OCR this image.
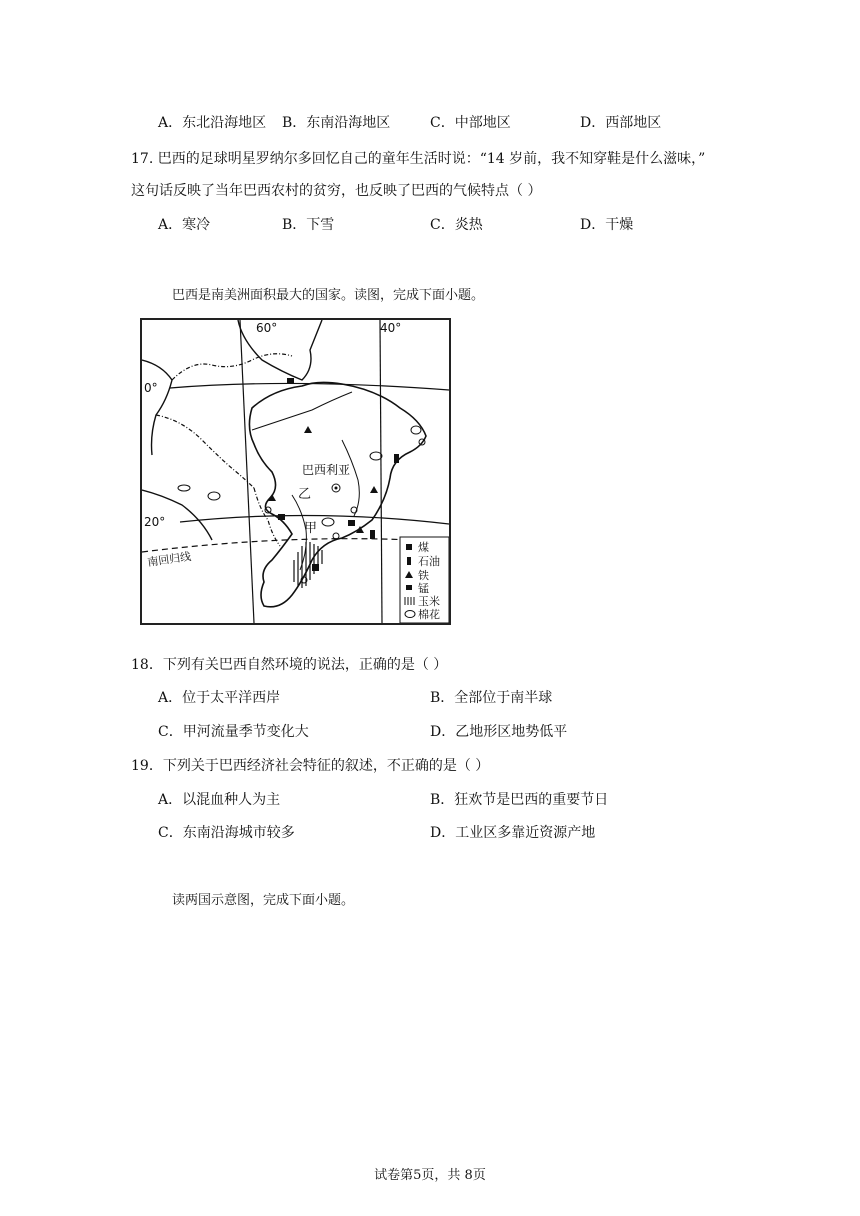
A．东北沿海地区 B．东南沿海地区	C．中部地区	D．西部地区
17. 巴西的足球明星罗纳尔多回忆自己的童年生活时说：“14 岁前，我不知穿鞋是什么滋味，”
这句话反映了当年巴西农村的贫穷，也反映了巴西的气候特点（ ）
A．寒冷	B．下雪	C．炎热	D．干燥
巴西是南美洲面积最大的国家。读图，完成下面小题。
60°	40°
0°
20°
南回归线
巴西利亚
乙
甲
煤
石油
铁
锰
玉米
棉花
18．下列有关巴西自然环境的说法，正确的是（ ）
A．位于太平洋西岸	B．全部位于南半球
C．甲河流量季节变化大	D．乙地形区地势低平
19．下列关于巴西经济社会特征的叙述，不正确的是（ ）
A．以混血种人为主	B．狂欢节是巴西的重要节日
C．东南沿海城市较多	D．工业区多靠近资源产地
读两国示意图，完成下面小题。
试卷第5页，共 8页
